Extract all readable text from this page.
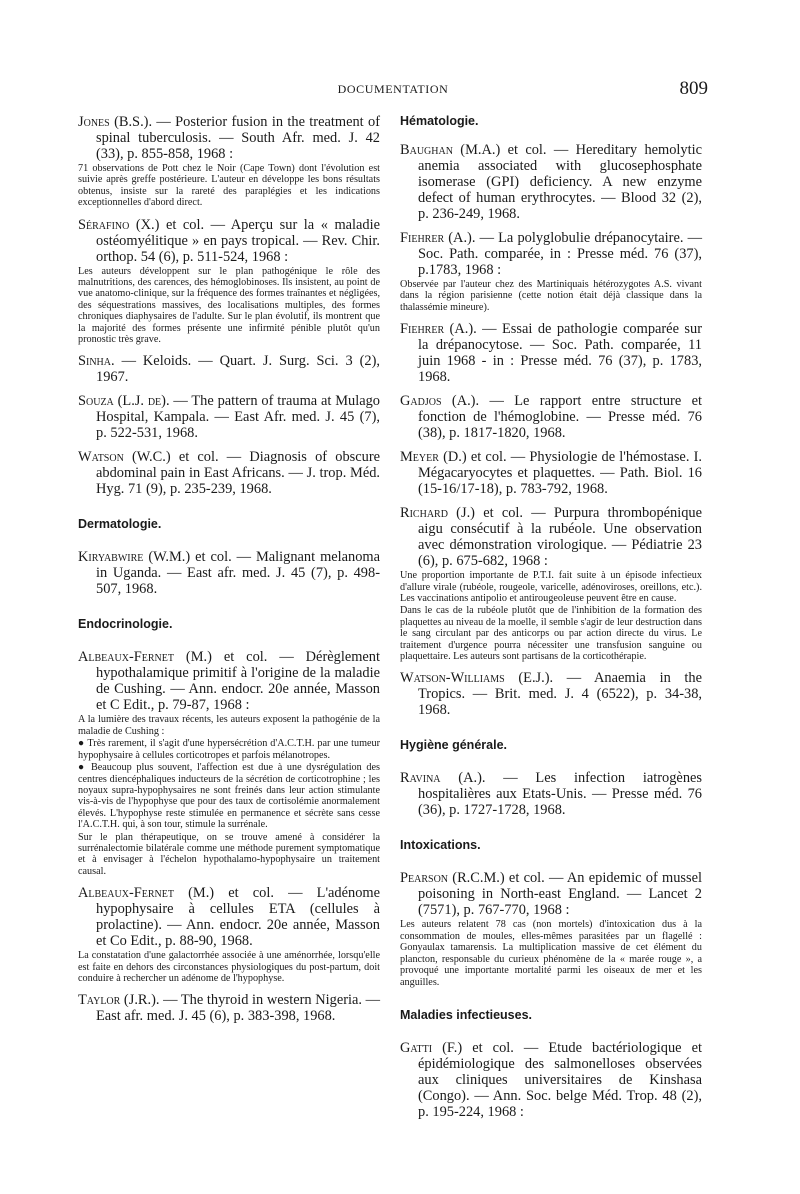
DOCUMENTATION	809

Jones (B.S.). — Posterior fusion in the treatment of spinal tuberculosis. — South Afr. med. J. 42 (33), p. 855-858, 1968 :

71 observations de Pott chez le Noir (Cape Town) dont l'évolution est suivie après greffe postérieure. L'auteur en développe les bons résultats obtenus, insiste sur la rareté des paraplégies et les indications exceptionnelles d'abord direct.

Sérafino (X.) et col. — Aperçu sur la « maladie ostéomyélitique » en pays tropical. — Rev. Chir. orthop. 54 (6), p. 511-524, 1968 :

Les auteurs développent sur le plan pathogénique le rôle des malnutritions, des carences, des hémoglobinoses. Ils insistent, au point de vue anatomo-clinique, sur la fréquence des formes traînantes et négligées, des séquestrations massives, des localisations multiples, des formes chroniques diaphysaires de l'adulte. Sur le plan évolutif, ils montrent que la majorité des formes présente une infirmité pénible plutôt qu'un pronostic très grave.

Sinha. — Keloids. — Quart. J. Surg. Sci. 3 (2), 1967.

Souza (L.J. de). — The pattern of trauma at Mulago Hospital, Kampala. — East Afr. med. J. 45 (7), p. 522-531, 1968.

Watson (W.C.) et col. — Diagnosis of obscure abdominal pain in East Africans. — J. trop. Méd. Hyg. 71 (9), p. 235-239, 1968.

Dermatologie.

Kiryabwire (W.M.) et col. — Malignant melanoma in Uganda. — East afr. med. J. 45 (7), p. 498-507, 1968.

Endocrinologie.

Albeaux-Fernet (M.) et col. — Dérèglement hypothalamique primitif à l'origine de la maladie de Cushing. — Ann. endocr. 20e année, Masson et C Edit., p. 79-87, 1968 :

A la lumière des travaux récents, les auteurs exposent la pathogénie de la maladie de Cushing :

● Très rarement, il s'agit d'une hypersécrétion d'A.C.T.H. par une tumeur hypophysaire à cellules corticotropes et parfois mélanotropes.

● Beaucoup plus souvent, l'affection est due à une dysrégulation des centres diencéphaliques inducteurs de la sécrétion de corticotrophine ; les noyaux supra-hypophysaires ne sont freinés dans leur action stimulante vis-à-vis de l'hypophyse que pour des taux de cortisolémie anormalement élevés. L'hypophyse reste stimulée en permanence et sécrète sans cesse l'A.C.T.H. qui, à son tour, stimule la surrénale.

Sur le plan thérapeutique, on se trouve amené à considérer la surrénalectomie bilatérale comme une méthode purement symptomatique et à envisager à l'échelon hypothalamo-hypophysaire un traitement causal.

Albeaux-Fernet (M.) et col. — L'adénome hypophysaire à cellules ETA (cellules à prolactine). — Ann. endocr. 20e année, Masson et Co Edit., p. 88-90, 1968.

La constatation d'une galactorrhée associée à une aménorrhée, lorsqu'elle est faite en dehors des circonstances physiologiques du post-partum, doit conduire à rechercher un adénome de l'hypophyse.

Taylor (J.R.). — The thyroid in western Nigeria. — East afr. med. J. 45 (6), p. 383-398, 1968.

Hématologie.

Baughan (M.A.) et col. — Hereditary hemolytic anemia associated with glucosephosphate isomerase (GPI) deficiency. A new enzyme defect of human erythrocytes. — Blood 32 (2), p. 236-249, 1968.

Fiehrer (A.). — La polyglobulie drépanocytaire. — Soc. Path. comparée, in : Presse méd. 76 (37), p.1783, 1968 :

Observée par l'auteur chez des Martiniquais hétérozygotes A.S. vivant dans la région parisienne (cette notion était déjà classique dans la thalassémie mineure).

Fiehrer (A.). — Essai de pathologie comparée sur la drépanocytose. — Soc. Path. comparée, 11 juin 1968 - in : Presse méd. 76 (37), p. 1783, 1968.

Gadjos (A.). — Le rapport entre structure et fonction de l'hémoglobine. — Presse méd. 76 (38), p. 1817-1820, 1968.

Meyer (D.) et col. — Physiologie de l'hémostase. I. Mégacaryocytes et plaquettes. — Path. Biol. 16 (15-16/17-18), p. 783-792, 1968.

Richard (J.) et col. — Purpura thrombopénique aigu consécutif à la rubéole. Une observation avec démonstration virologique. — Pédiatrie 23 (6), p. 675-682, 1968 :

Une proportion importante de P.T.I. fait suite à un épisode infectieux d'allure virale (rubéole, rougeole, varicelle, adénoviroses, oreillons, etc.). Les vaccinations antipolio et antirougeoleuse peuvent être en cause.

Dans le cas de la rubéole plutôt que de l'inhibition de la formation des plaquettes au niveau de la moelle, il semble s'agir de leur destruction dans le sang circulant par des anticorps ou par action directe du virus. Le traitement d'urgence pourra nécessiter une transfusion sanguine ou plaquettaire. Les auteurs sont partisans de la corticothérapie.

Watson-Williams (E.J.). — Anaemia in the Tropics. — Brit. med. J. 4 (6522), p. 34-38, 1968.

Hygiène générale.

Ravina (A.). — Les infection iatrogènes hospitalières aux Etats-Unis. — Presse méd. 76 (36), p. 1727-1728, 1968.

Intoxications.

Pearson (R.C.M.) et col. — An epidemic of mussel poisoning in North-east England. — Lancet 2 (7571), p. 767-770, 1968 :

Les auteurs relatent 78 cas (non mortels) d'intoxication dus à la consommation de moules, elles-mêmes parasitées par un flagellé : Gonyaulax tamarensis. La multiplication massive de cet élément du plancton, responsable du curieux phénomène de la « marée rouge », a provoqué une importante mortalité parmi les oiseaux de mer et les anguilles.

Maladies infectieuses.

Gatti (F.) et col. — Etude bactériologique et épidémiologique des salmonelloses observées aux cliniques universitaires de Kinshasa (Congo). — Ann. Soc. belge Méd. Trop. 48 (2), p. 195-224, 1968 :
